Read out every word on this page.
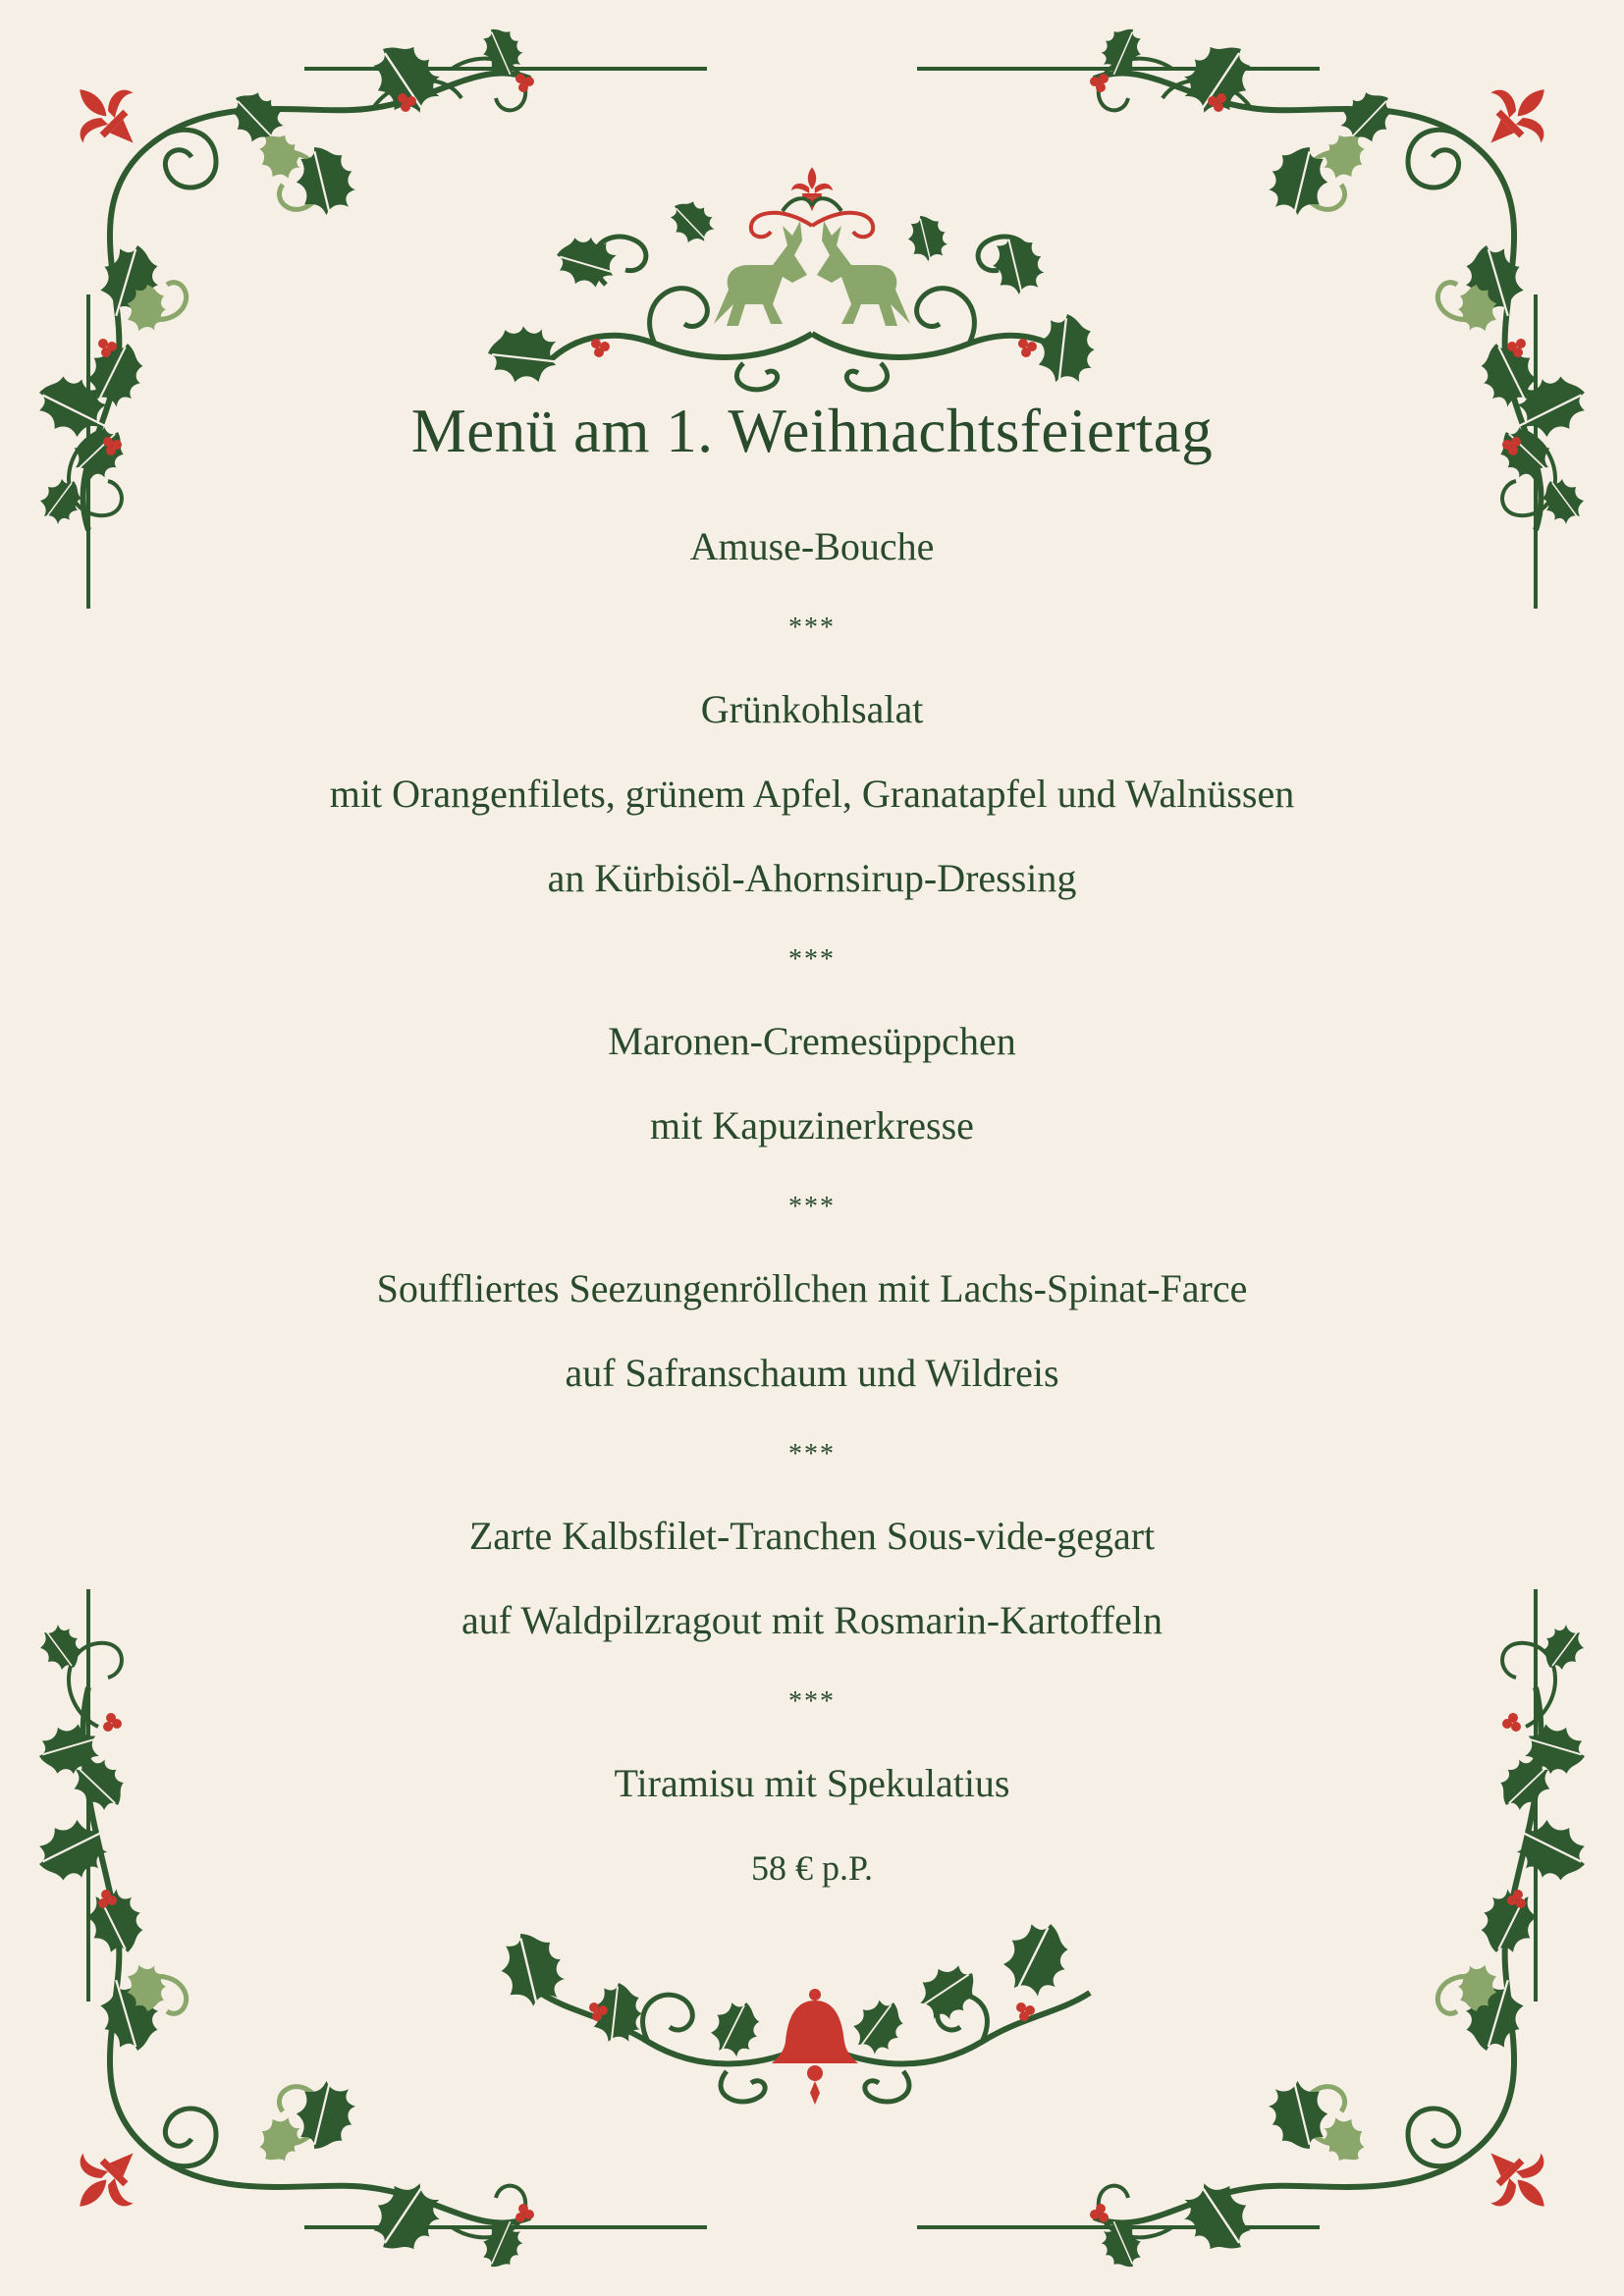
Menü am 1. Weihnachtsfeiertag
Amuse-Bouche
***
Grünkohlsalat
mit Orangenfilets, grünem Apfel, Granatapfel und Walnüssen
an Kürbisöl-Ahornsirup-Dressing
***
Maronen-Cremesüppchen
mit Kapuzinerkresse
***
Souffliertes Seezungenröllchen mit Lachs-Spinat-Farce
auf Safranschaum und Wildreis
***
Zarte Kalbsfilet-Tranchen Sous-vide-gegart
auf Waldpilzragout mit Rosmarin-Kartoffeln
***
Tiramisu mit Spekulatius
58 € p.P.
